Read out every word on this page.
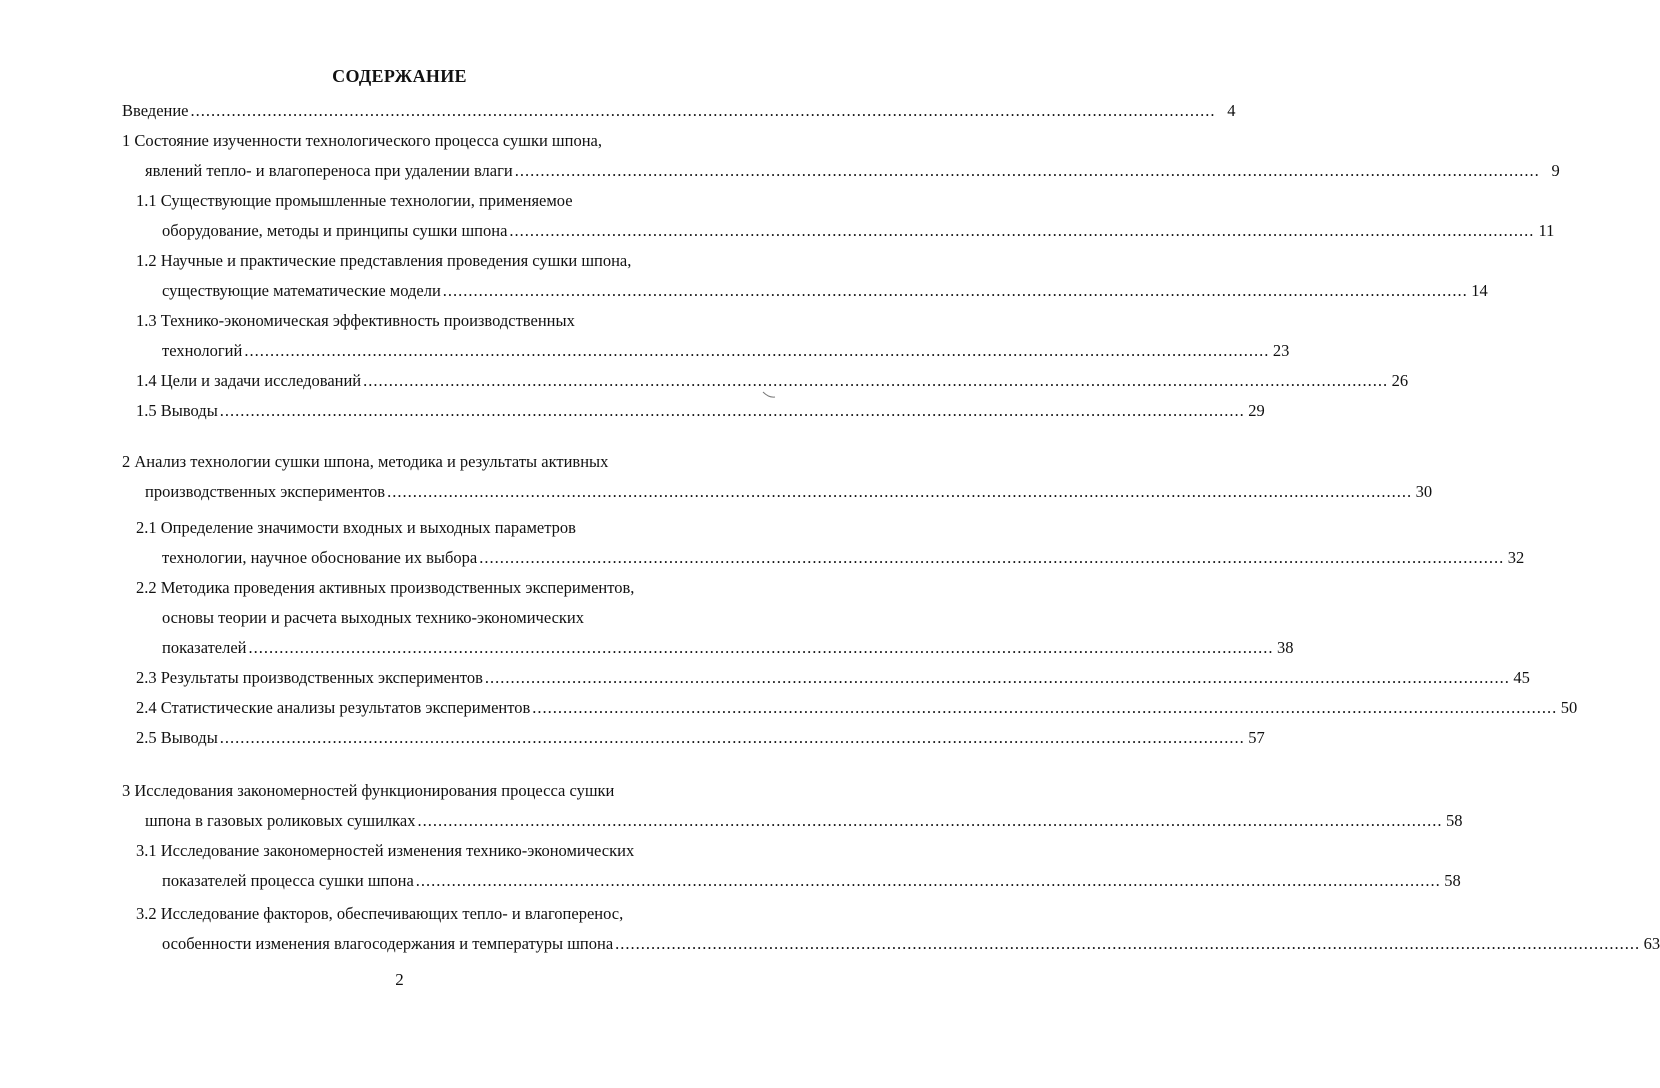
СОДЕРЖАНИЕ
Введение ........................................................................................................................................................................................................ 4
1 Состояние изученности технологического процесса сушки шпона,
явлений тепло- и влагопереноса при удалении влаги ........................................................................................................................................................................................................ 9
1.1 Существующие промышленные технологии, применяемое
оборудование, методы и принципы сушки шпона ........................................................................................................................................................................................................ 11
1.2 Научные и практические представления проведения сушки шпона,
существующие математические модели ........................................................................................................................................................................................................ 14
1.3 Технико-экономическая эффективность производственных
технологий ........................................................................................................................................................................................................ 23
1.4 Цели и задачи исследований ........................................................................................................................................................................................................ 26
1.5 Выводы ........................................................................................................................................................................................................ 29
2 Анализ технологии сушки шпона, методика и результаты активных
производственных экспериментов ........................................................................................................................................................................................................ 30
2.1 Определение значимости входных и выходных параметров
технологии, научное обоснование их выбора ........................................................................................................................................................................................................ 32
2.2 Методика проведения активных производственных экспериментов,
основы теории и расчета выходных технико-экономических
показателей ........................................................................................................................................................................................................ 38
2.3 Результаты производственных экспериментов ........................................................................................................................................................................................................ 45
2.4 Статистические анализы результатов экспериментов ........................................................................................................................................................................................................ 50
2.5 Выводы ........................................................................................................................................................................................................ 57
3 Исследования закономерностей функционирования процесса сушки
шпона в газовых роликовых сушилках ........................................................................................................................................................................................................ 58
3.1 Исследование закономерностей изменения технико-экономических
показателей процесса сушки шпона ........................................................................................................................................................................................................ 58
3.2 Исследование факторов, обеспечивающих тепло- и влагоперенос,
особенности изменения влагосодержания и температуры шпона ........................................................................................................................................................................................................ 63
2
